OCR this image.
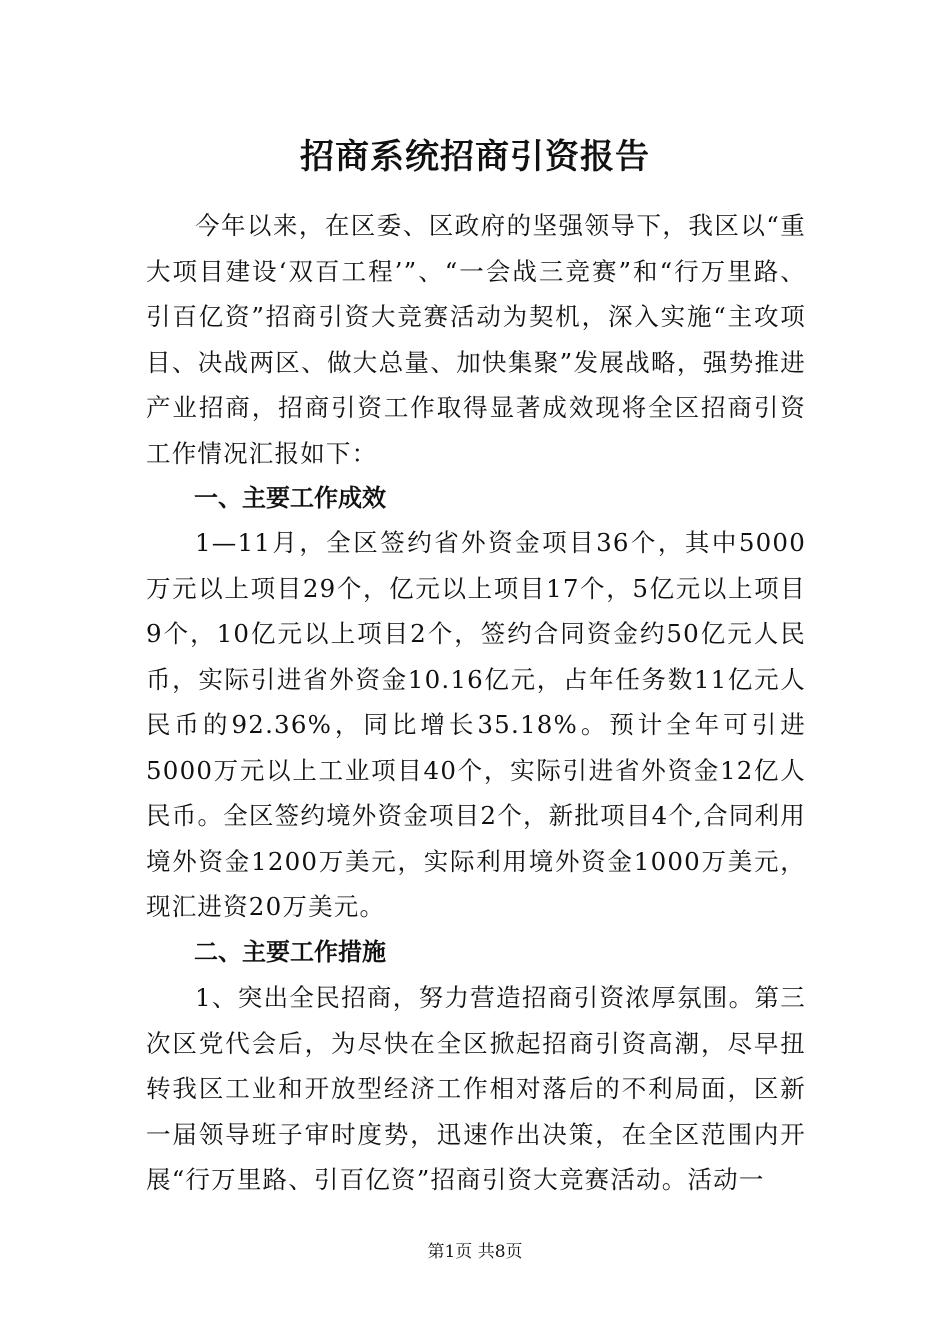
招商系统招商引资报告

今年以来，在区委、区政府的坚强领导下，我区以“重大项目建设‘双百工程’”、“一会战三竞赛”和“行万里路、引百亿资”招商引资大竞赛活动为契机，深入实施“主攻项目、决战两区、做大总量、加快集聚”发展战略，强势推进产业招商，招商引资工作取得显著成效现将全区招商引资工作情况汇报如下：

一、主要工作成效

1—11月，全区签约省外资金项目36个，其中5000万元以上项目29个，亿元以上项目17个，5亿元以上项目9个，10亿元以上项目2个，签约合同资金约50亿元人民币，实际引进省外资金10.16亿元，占年任务数11亿元人民币的92.36%，同比增长35.18%。预计全年可引进5000万元以上工业项目40个，实际引进省外资金12亿人民币。全区签约境外资金项目2个，新批项目4个,合同利用境外资金1200万美元，实际利用境外资金1000万美元，现汇进资20万美元。

二、主要工作措施

1、突出全民招商，努力营造招商引资浓厚氛围。第三次区党代会后，为尽快在全区掀起招商引资高潮，尽早扭转我区工业和开放型经济工作相对落后的不利局面，区新一届领导班子审时度势，迅速作出决策，在全区范围内开展“行万里路、引百亿资”招商引资大竞赛活动。活动一

第1页 共8页
